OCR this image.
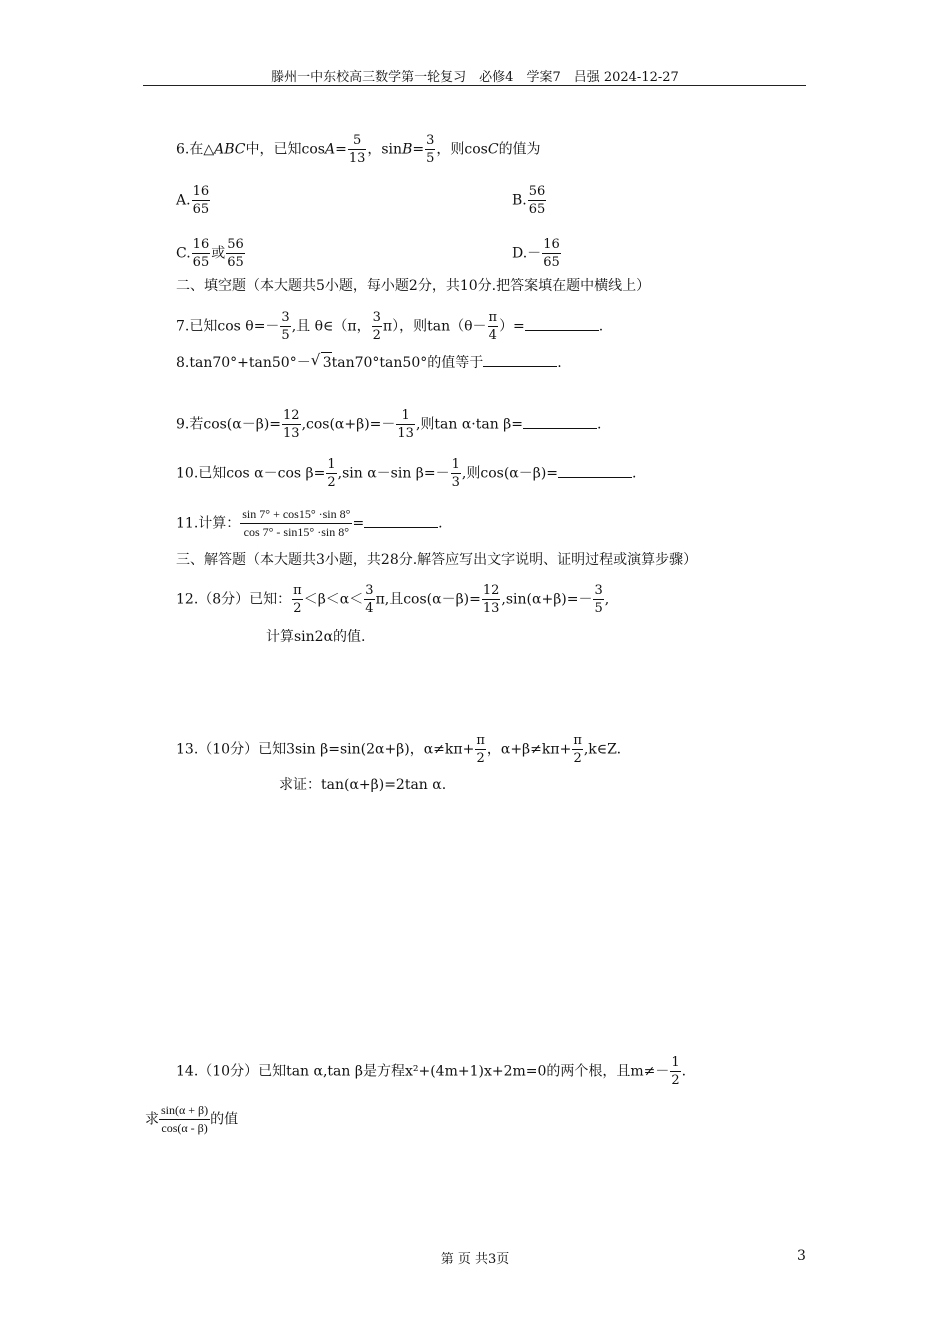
滕州一中东校高三数学第一轮复习　必修4　学案7　吕强 2024-12-27
6.在△ABC中，已知$\cos A= \frac{5}{13}$ ，$\sin B= \frac{3}{5}$ ，则cosC的值为
A. $\frac{16}{65}$	B. $\frac{56}{65}$
C. $\frac{16}{65}$ 或 $\frac{56}{65}$	$D.- \frac{16}{65}$
二、填空题（本大题共5小题，每小题2分，共10分.把答案填在题中横线上）
7.已知$\cos \theta=- \frac{3}{5}$ ,且 θ∈（π， $\frac{3}{2} \pi$），则$\tan(\theta- \frac{\pi}{4}$ ）=	.
8.tan70°+tan50°－√ 3tan70°tan50°的值等于	.
9.若$\cos(\alpha-\beta)= \frac{12}{13} ,\cos(\alpha+\beta)=- \frac{1}{13}$ ,则tan α·tan β=	.
10.已知cos α－cos $\beta= \frac{1}{2} ,\sin$ α－sin $\beta=- \frac{1}{3}$ ,则cos(α－β)=	.
11.计算： $\frac{\sin 7^\circ + \cos 15^\circ \cdot\sin 8^\circ}{\cos 7^\circ - \sin 15^\circ \cdot\sin 8^\circ}$ =	.
三、解答题（本大题共3小题，共28分.解答应写出文字说明、证明过程或演算步骤）
12.（8分）已知： $\frac{\pi}{2} <\beta<\alpha< \frac{3}{4} \pi$,且$\cos(\alpha-\beta)= \frac{12}{13} ,\sin(\alpha+\beta)=- \frac{3}{5}$ ,
计算sin2α的值.
13.（10分）已知3sin β=sin(2α+β)，$\alpha\ne k\pi+ \frac{\pi}{2}$ ，$\alpha+\beta\ne k\pi+ \frac{\pi}{2}$ ,k∈Z.
求证：tan(α+β)=2tan α.
14.（10分）已知tan α,tan β是方程x²+(4m+1)x+2m=0的两个根，且$m\ne- \frac{1}{2}$ .
求 $\frac{\sin(\alpha + \beta)}{\cos(\alpha - \beta)}$ 的值
第 页 共3页	3
